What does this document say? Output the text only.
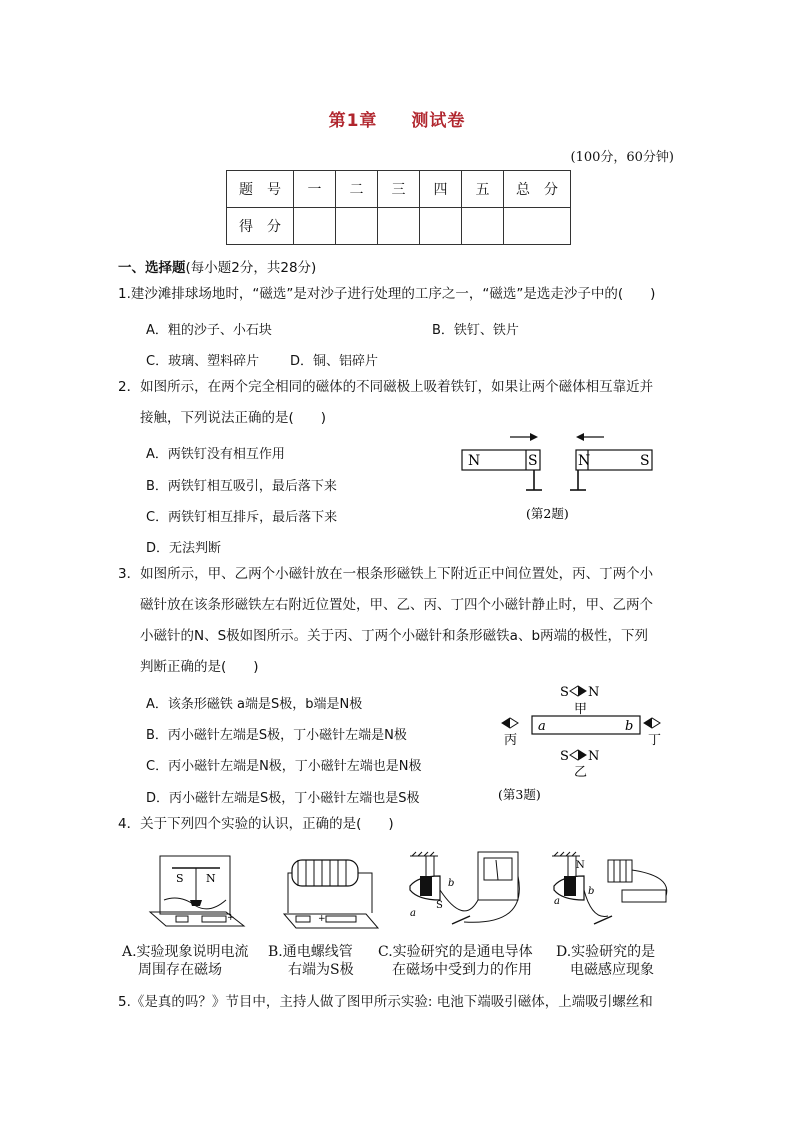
第1章 测试卷
(100分，60分钟)
题　号	一	二	三	四	五	总　分
得　分						
一、选择题(每小题2分，共28分)
1.建沙滩排球场地时，“磁选”是对沙子进行处理的工序之一，“磁选”是选走沙子中的(　　)
A．粗的沙子、小石块	B．铁钉、铁片
C．玻璃、塑料碎片 D．铜、铝碎片
2．如图所示，在两个完全相同的磁体的不同磁极上吸着铁钉，如果让两个磁体相互靠近并
接触，下列说法正确的是(　　)
A．两铁钉没有相互作用
B．两铁钉相互吸引，最后落下来
C．两铁钉相互排斥，最后落下来
D．无法判断
N	S	N	S
(第2题)
3．如图所示，甲、乙两个小磁针放在一根条形磁铁上下附近正中间位置处，丙、丁两个小
磁针放在该条形磁铁左右附近位置处，甲、乙、丙、丁四个小磁针静止时，甲、乙两个
小磁针的N、S极如图所示。关于丙、丁两个小磁针和条形磁铁a、b两端的极性，下列
判断正确的是(　　)
A．该条形磁铁 a端是S极，b端是N极
B．丙小磁针左端是S极，丁小磁针左端是N极
C．丙小磁针左端是N极，丁小磁针左端也是N极
D．丙小磁针左端是S极，丁小磁针左端也是S极
S N
甲
a	b
丙	丁
S N
乙
(第3题)
4．关于下列四个实验的认识，正确的是(　　)
S N
+	+	a
b
S
N
a
b
A.实验现象说明电流
周围存在磁场
B.通电螺线管
右端为S极
C.实验研究的是通电导体
在磁场中受到力的作用
D.实验研究的是
电磁感应现象
5.《是真的吗？》节目中，主持人做了图甲所示实验: 电池下端吸引磁体，上端吸引螺丝和
